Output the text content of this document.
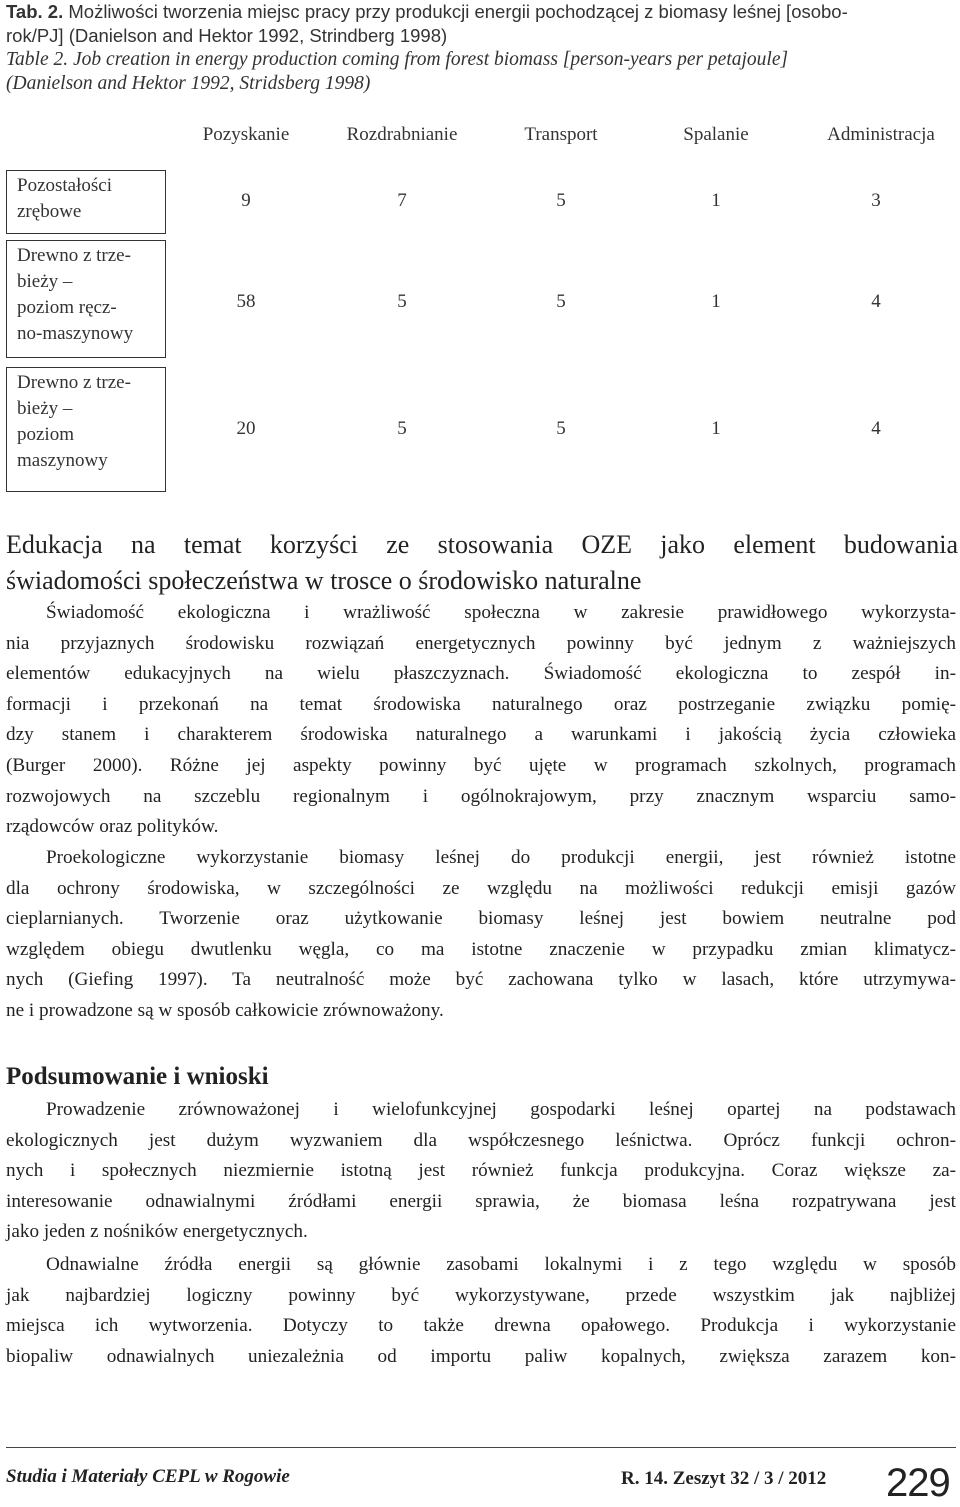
Tab. 2. Możliwości tworzenia miejsc pracy przy produkcji energii pochodzącej z biomasy leśnej [osobo-
rok/PJ] (Danielson and Hektor 1992, Strindberg 1998)
Table 2. Job creation in energy production coming from forest biomass [person-years per petajoule]
(Danielson and Hektor 1992, Stridsberg 1998)
Pozyskanie	Rozdrabnianie	Transport	Spalanie	Administracja
Pozostałości
zrębowe
9	7	5	1	3
Drewno z trze-
bieży –
poziom ręcz-
no-maszynowy
58	5	5	1	4
Drewno z trze-
bieży –
poziom
maszynowy
20	5	5	1	4
Edukacja na temat korzyści ze stosowania OZE jako element budowania
świadomości społeczeństwa w trosce o środowisko naturalne
Świadomość ekologiczna i wrażliwość społeczna w zakresie prawidłowego wykorzysta-
nia przyjaznych środowisku rozwiązań energetycznych powinny być jednym z ważniejszych
elementów edukacyjnych na wielu płaszczyznach. Świadomość ekologiczna to zespół in-
formacji i przekonań na temat środowiska naturalnego oraz postrzeganie związku pomię-
dzy stanem i charakterem środowiska naturalnego a warunkami i jakością życia człowieka
(Burger 2000). Różne jej aspekty powinny być ujęte w programach szkolnych, programach
rozwojowych na szczeblu regionalnym i ogólnokrajowym, przy znacznym wsparciu samo-
rządowców oraz polityków.
Proekologiczne wykorzystanie biomasy leśnej do produkcji energii, jest również istotne
dla ochrony środowiska, w szczególności ze względu na możliwości redukcji emisji gazów
cieplarnianych. Tworzenie oraz użytkowanie biomasy leśnej jest bowiem neutralne pod
względem obiegu dwutlenku węgla, co ma istotne znaczenie w przypadku zmian klimatycz-
nych (Giefing 1997). Ta neutralność może być zachowana tylko w lasach, które utrzymywa-
ne i prowadzone są w sposób całkowicie zrównoważony.
Podsumowanie i wnioski
Prowadzenie zrównoważonej i wielofunkcyjnej gospodarki leśnej opartej na podstawach
ekologicznych jest dużym wyzwaniem dla współczesnego leśnictwa. Oprócz funkcji ochron-
nych i społecznych niezmiernie istotną jest również funkcja produkcyjna. Coraz większe za-
interesowanie odnawialnymi źródłami energii sprawia, że biomasa leśna rozpatrywana jest
jako jeden z nośników energetycznych.
Odnawialne źródła energii są głównie zasobami lokalnymi i z tego względu w sposób
jak najbardziej logiczny powinny być wykorzystywane, przede wszystkim jak najbliżej
miejsca ich wytworzenia. Dotyczy to także drewna opałowego. Produkcja i wykorzystanie
biopaliw odnawialnych uniezależnia od importu paliw kopalnych, zwiększa zarazem kon-
Studia i Materiały CEPL w Rogowie	R. 14. Zeszyt 32 / 3 / 2012 229
